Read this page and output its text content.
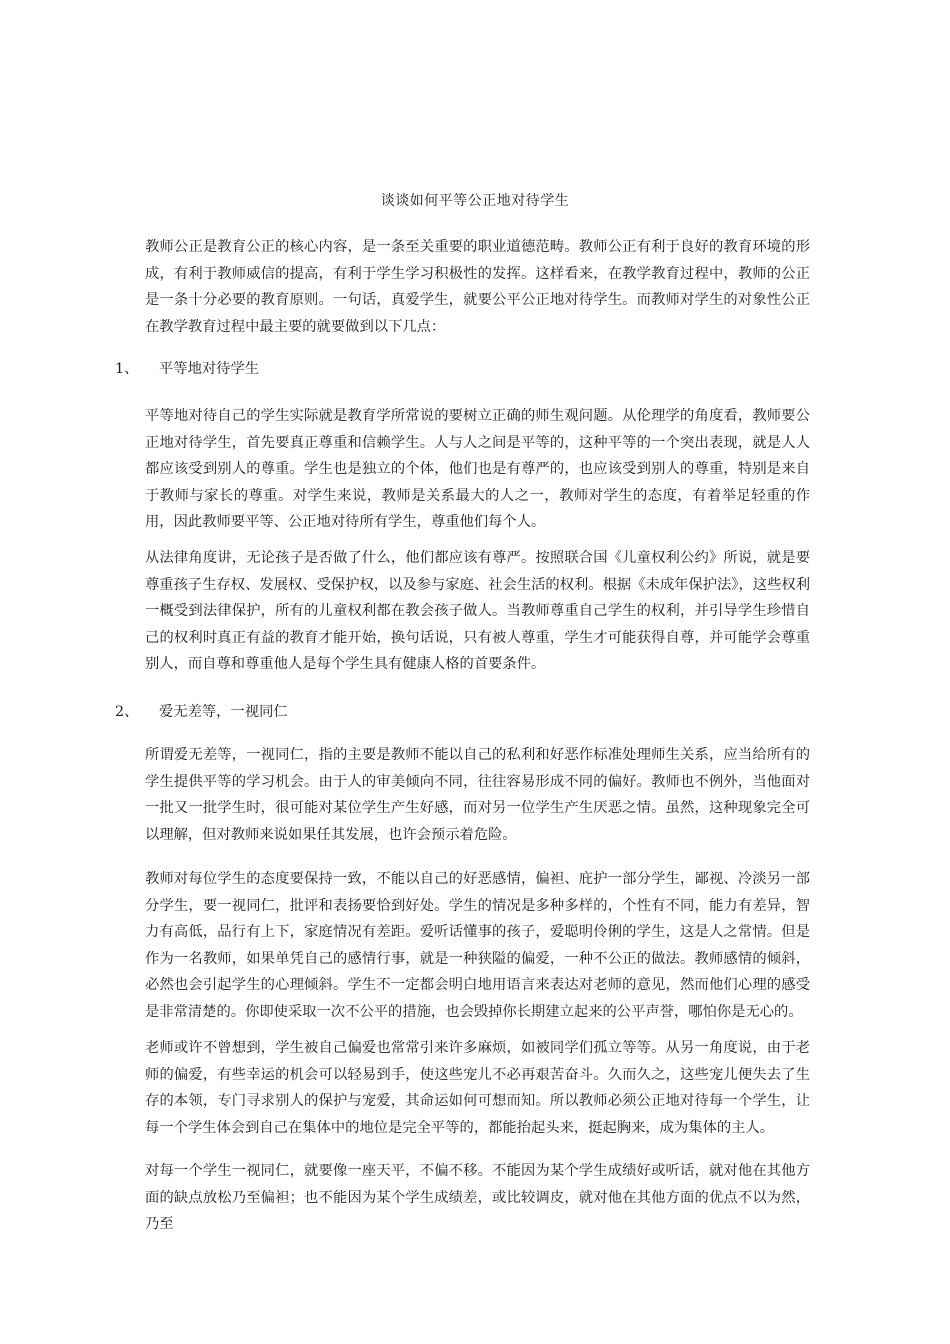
谈谈如何平等公正地对待学生

教师公正是教育公正的核心内容，是一条至关重要的职业道德范畴。教师公正有利于良好的教育环境的形成，有利于教师威信的提高，有利于学生学习积极性的发挥。这样看来，在教学教育过程中，教师的公正是一条十分必要的教育原则。一句话，真爱学生，就要公平公正地对待学生。而教师对学生的对象性公正在教学教育过程中最主要的就要做到以下几点：

1、 平等地对待学生

平等地对待自己的学生实际就是教育学所常说的要树立正确的师生观问题。从伦理学的角度看，教师要公正地对待学生，首先要真正尊重和信赖学生。人与人之间是平等的，这种平等的一个突出表现，就是人人都应该受到别人的尊重。学生也是独立的个体，他们也是有尊严的，也应该受到别人的尊重，特别是来自于教师与家长的尊重。对学生来说，教师是关系最大的人之一，教师对学生的态度，有着举足轻重的作用，因此教师要平等、公正地对待所有学生，尊重他们每个人。

从法律角度讲，无论孩子是否做了什么，他们都应该有尊严。按照联合国《儿童权利公约》所说，就是要尊重孩子生存权、发展权、受保护权，以及参与家庭、社会生活的权利。根据《未成年保护法》，这些权利一概受到法律保护，所有的儿童权利都在教会孩子做人。当教师尊重自己学生的权利，并引导学生珍惜自己的权利时真正有益的教育才能开始，换句话说，只有被人尊重，学生才可能获得自尊，并可能学会尊重别人，而自尊和尊重他人是每个学生具有健康人格的首要条件。

2、 爱无差等，一视同仁

所谓爱无差等，一视同仁，指的主要是教师不能以自己的私利和好恶作标准处理师生关系，应当给所有的学生提供平等的学习机会。由于人的审美倾向不同，往往容易形成不同的偏好。教师也不例外，当他面对一批又一批学生时，很可能对某位学生产生好感，而对另一位学生产生厌恶之情。虽然，这种现象完全可以理解，但对教师来说如果任其发展，也许会预示着危险。

教师对每位学生的态度要保持一致，不能以自己的好恶感情，偏袒、庇护一部分学生，鄙视、冷淡另一部分学生，要一视同仁，批评和表扬要恰到好处。学生的情况是多种多样的，个性有不同，能力有差异，智力有高低，品行有上下，家庭情况有差距。爱听话懂事的孩子，爱聪明伶俐的学生，这是人之常情。但是作为一名教师，如果单凭自己的感情行事，就是一种狭隘的偏爱，一种不公正的做法。教师感情的倾斜，必然也会引起学生的心理倾斜。学生不一定都会明白地用语言来表达对老师的意见，然而他们心理的感受是非常清楚的。你即使采取一次不公平的措施，也会毁掉你长期建立起来的公平声誉，哪怕你是无心的。

老师或许不曾想到，学生被自己偏爱也常常引来许多麻烦，如被同学们孤立等等。从另一角度说，由于老师的偏爱，有些幸运的机会可以轻易到手，使这些宠儿不必再艰苦奋斗。久而久之，这些宠儿便失去了生存的本领，专门寻求别人的保护与宠爱，其命运如何可想而知。所以教师必须公正地对待每一个学生，让每一个学生体会到自己在集体中的地位是完全平等的，都能抬起头来，挺起胸来，成为集体的主人。

对每一个学生一视同仁，就要像一座天平，不偏不移。不能因为某个学生成绩好或听话，就对他在其他方面的缺点放松乃至偏袒；也不能因为某个学生成绩差，或比较调皮，就对他在其他方面的优点不以为然，乃至
